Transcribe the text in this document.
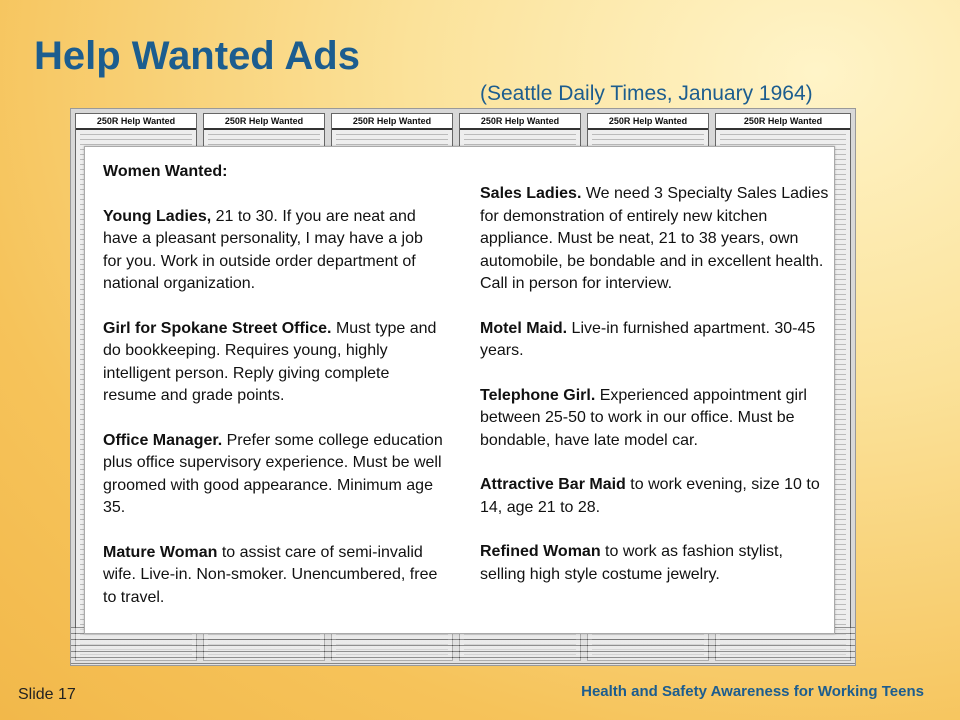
Help Wanted Ads
(Seattle Daily Times, January 1964)
250R Help Wanted	250R Help Wanted	250R Help Wanted	250R Help Wanted	250R Help Wanted	250R Help Wanted
Women Wanted:

Young Ladies, 21 to 30. If you are neat and have a pleasant personality, I may have a job for you. Work in outside order department of national organization.

Girl for Spokane Street Office. Must type and do bookkeeping. Requires young, highly intelligent person. Reply giving complete resume and grade points.

Office Manager. Prefer some college education plus office supervisory experience. Must be well groomed with good appearance. Minimum age 35.

Mature Woman to assist care of semi-invalid wife. Live-in. Non-smoker. Unencumbered, free to travel.

Sales Ladies. We need 3 Specialty Sales Ladies for demonstration of entirely new kitchen appliance. Must be neat, 21 to 38 years, own automobile, be bondable and in excellent health. Call in person for interview.

Motel Maid. Live-in furnished apartment. 30-45 years.

Telephone Girl. Experienced appointment girl between 25-50 to work in our office. Must be bondable, have late model car.

Attractive Bar Maid to work evening, size 10 to 14, age 21 to 28.

Refined Woman to work as fashion stylist, selling high style costume jewelry.

Slide 17	Health and Safety Awareness for Working Teens
